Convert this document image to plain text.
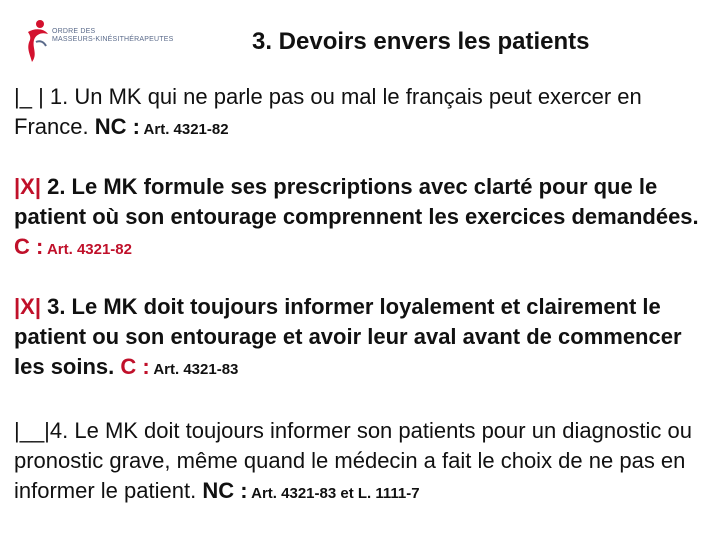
ORDRE DES
MASSEURS-KINÉSITHÉRAPEUTES	3. Devoirs envers les patients
|_ | 1. Un MK qui ne parle pas ou mal le français peut exercer en France. NC : Art. 4321-82
|X| 2. Le MK formule ses prescriptions avec clarté pour que le patient où son entourage comprennent les exercices demandées. C : Art. 4321-82
|X| 3. Le MK doit toujours informer loyalement et clairement le patient ou son entourage et avoir leur aval avant de commencer les soins. C : Art. 4321-83
|__|4. Le MK doit toujours informer son patients pour un diagnostic ou pronostic grave, même quand le médecin a fait le choix de ne pas en informer le patient. NC : Art. 4321-83 et L. 1111-7
